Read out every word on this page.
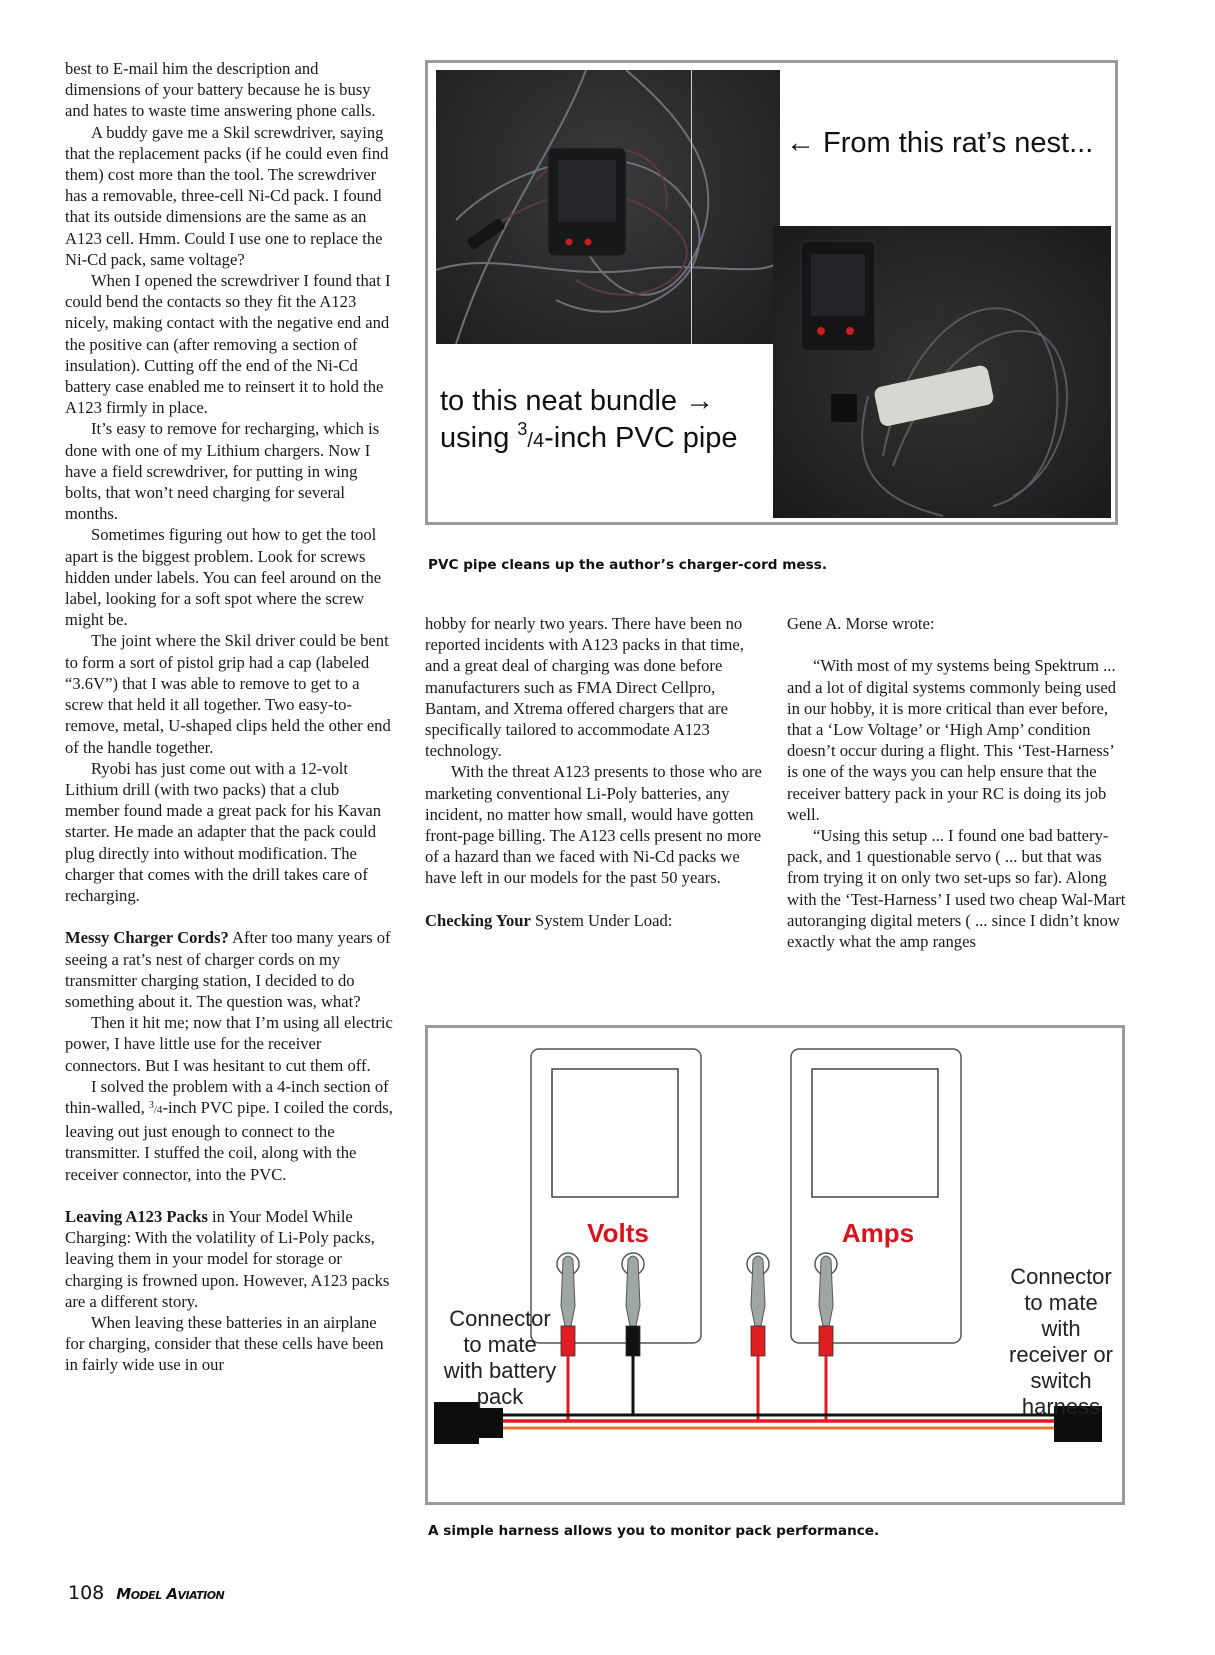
best to E-mail him the description and dimensions of your battery because he is busy and hates to waste time answering phone calls.

A buddy gave me a Skil screwdriver, saying that the replacement packs (if he could even find them) cost more than the tool. The screwdriver has a removable, three-cell Ni-Cd pack. I found that its outside dimensions are the same as an A123 cell. Hmm. Could I use one to replace the Ni-Cd pack, same voltage?

When I opened the screwdriver I found that I could bend the contacts so they fit the A123 nicely, making contact with the negative end and the positive can (after removing a section of insulation). Cutting off the end of the Ni-Cd battery case enabled me to reinsert it to hold the A123 firmly in place.

It’s easy to remove for recharging, which is done with one of my Lithium chargers. Now I have a field screwdriver, for putting in wing bolts, that won’t need charging for several months.

Sometimes figuring out how to get the tool apart is the biggest problem. Look for screws hidden under labels. You can feel around on the label, looking for a soft spot where the screw might be.

The joint where the Skil driver could be bent to form a sort of pistol grip had a cap (labeled “3.6V”) that I was able to remove to get to a screw that held it all together. Two easy-to-remove, metal, U-shaped clips held the other end of the handle together.

Ryobi has just come out with a 12-volt Lithium drill (with two packs) that a club member found made a great pack for his Kavan starter. He made an adapter that the pack could plug directly into without modification. The charger that comes with the drill takes care of recharging.

Messy Charger Cords? After too many years of seeing a rat’s nest of charger cords on my transmitter charging station, I decided to do something about it. The question was, what?

Then it hit me; now that I’m using all electric power, I have little use for the receiver connectors. But I was hesitant to cut them off.

I solved the problem with a 4-inch section of thin-walled, $^3$/4-inch PVC pipe. I coiled the cords, leaving out just enough to connect to the transmitter. I stuffed the coil, along with the receiver connector, into the PVC.

Leaving A123 Packs in Your Model While Charging: With the volatility of Li-Poly packs, leaving them in your model for storage or charging is frowned upon. However, A123 packs are a different story.

When leaving these batteries in an airplane for charging, consider that these cells have been in fairly wide use in our

← From this rat’s nest...
to this neat bundle →
using $^3$/4-inch PVC pipe
PVC pipe cleans up the author’s charger-cord mess.

hobby for nearly two years. There have been no reported incidents with A123 packs in that time, and a great deal of charging was done before manufacturers such as FMA Direct Cellpro, Bantam, and Xtrema offered chargers that are specifically tailored to accommodate A123 technology.

With the threat A123 presents to those who are marketing conventional Li-Poly batteries, any incident, no matter how small, would have gotten front-page billing. The A123 cells present no more of a hazard than we faced with Ni-Cd packs we have left in our models for the past 50 years.

Checking Your System Under Load:

Gene A. Morse wrote:

“With most of my systems being Spektrum ... and a lot of digital systems commonly being used in our hobby, it is more critical than ever before, that a ‘Low Voltage’ or ‘High Amp’ condition doesn’t occur during a flight. This ‘Test-Harness’ is one of the ways you can help ensure that the receiver battery pack in your RC is doing its job well.

“Using this setup ... I found one bad battery-pack, and 1 questionable servo ( ... but that was from trying it on only two set-ups so far). Along with the ‘Test-Harness’ I used two cheap Wal-Mart autoranging digital meters ( ... since I didn’t know exactly what the amp ranges

Volts	Amps
Connector to mate with battery pack
Connector to mate with receiver or switch harness
A simple harness allows you to monitor pack performance.
108 Model Aviation
